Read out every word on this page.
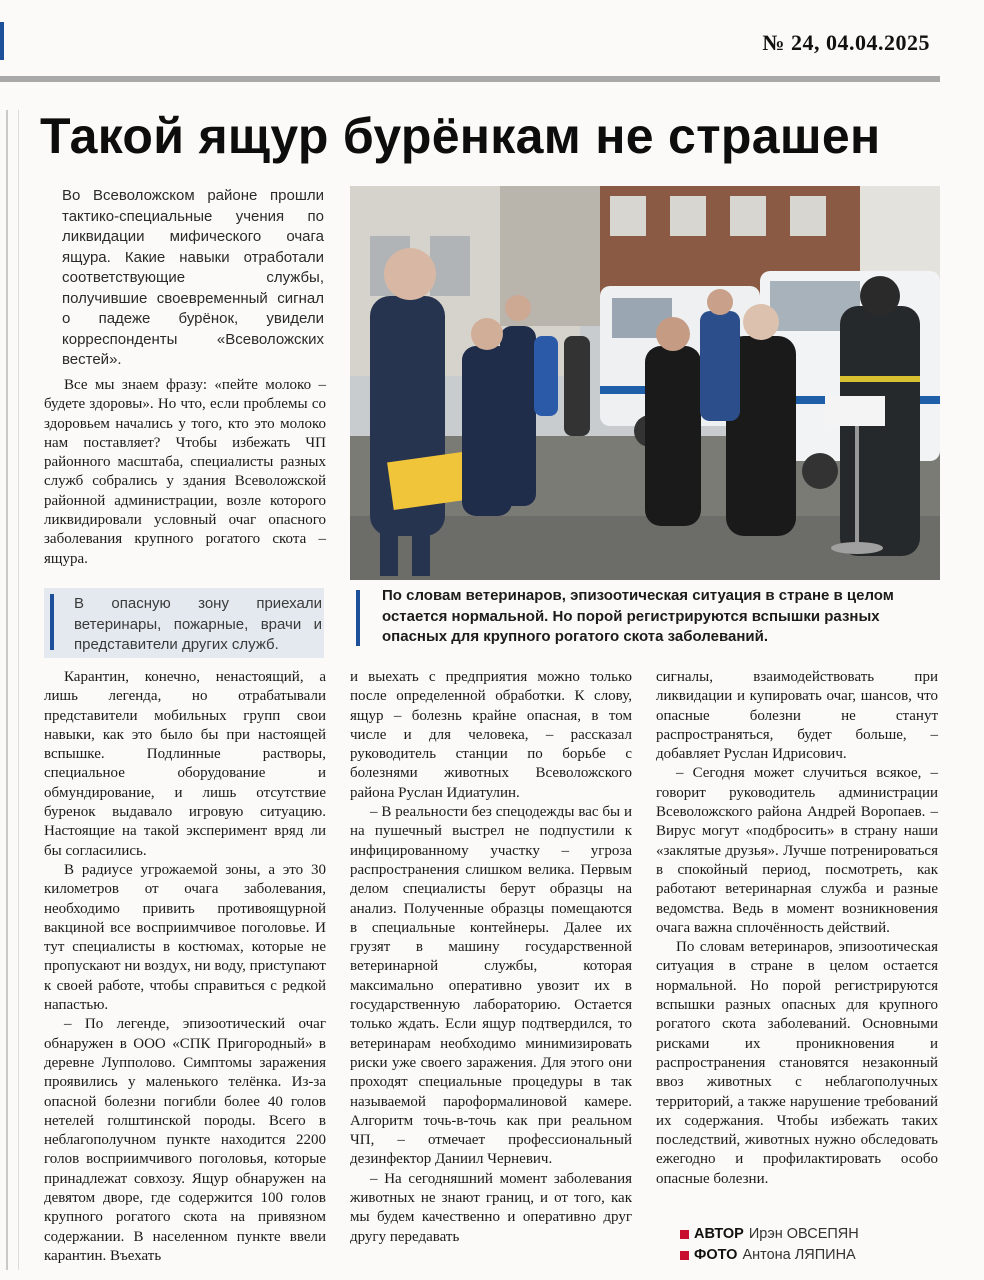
№ 24, 04.04.2025
Такой ящур бурёнкам не страшен

Во Всеволожском районе прошли тактико-специальные учения по ликвидации мифического очага ящура. Какие навыки отработали соответствующие службы, получившие своевременный сигнал о падеже бурёнок, увидели корреспонденты «Всеволожских вестей».

Все мы знаем фразу: «пейте молоко – будете здоровы». Но что, если проблемы со здоровьем начались у того, кто это молоко нам поставляет? Чтобы избежать ЧП районного масштаба, специалисты разных служб собрались у здания Всеволожской районной администрации, возле которого ликвидировали условный очаг опасного заболевания крупного рогатого скота – ящура.

В опасную зону приехали ветеринары, пожарные, врачи и представители других служб.
По словам ветеринаров, эпизоотическая ситуация в стране в целом остается нормальной. Но порой регистрируются вспышки разных опасных для крупного рогатого скота заболеваний.

Карантин, конечно, ненастоящий, а лишь легенда, но отрабатывали представители мобильных групп свои навыки, как это было бы при настоящей вспышке. Подлинные растворы, специальное оборудование и обмундирование, и лишь отсутствие буренок выдавало игровую ситуацию. Настоящие на такой эксперимент вряд ли бы согласились.

В радиусе угрожаемой зоны, а это 30 километров от очага заболевания, необходимо привить противоящурной вакциной все восприимчивое поголовье. И тут специалисты в костюмах, которые не пропускают ни воздух, ни воду, приступают к своей работе, чтобы справиться с редкой напастью.

– По легенде, эпизоотический очаг обнаружен в ООО «СПК Пригородный» в деревне Лупполово. Симптомы заражения проявились у маленького телёнка. Из-за опасной болезни погибли более 40 голов нетелей голштинской породы. Всего в неблагополучном пункте находится 2200 голов восприимчивого поголовья, которые принадлежат совхозу. Ящур обнаружен на девятом дворе, где содержится 100 голов крупного рогатого скота на привязном содержании. В населенном пункте ввели карантин. Въехать

и выехать с предприятия можно только после определенной обработки. К слову, ящур – болезнь крайне опасная, в том числе и для человека, – рассказал руководитель станции по борьбе с болезнями животных Всеволожского района Руслан Идиатулин.

– В реальности без спецодежды вас бы и на пушечный выстрел не подпустили к инфицированному участку – угроза распространения слишком велика. Первым делом специалисты берут образцы на анализ. Полученные образцы помещаются в специальные контейнеры. Далее их грузят в машину государственной ветеринарной службы, которая максимально оперативно увозит их в государственную лабораторию. Остается только ждать. Если ящур подтвердился, то ветеринарам необходимо минимизировать риски уже своего заражения. Для этого они проходят специальные процедуры в так называемой пароформалиновой камере. Алгоритм точь-в-точь как при реальном ЧП, – отмечает профессиональный дезинфектор Даниил Черневич.

– На сегодняшний момент заболевания животных не знают границ, и от того, как мы будем качественно и оперативно друг другу передавать

сигналы, взаимодействовать при ликвидации и купировать очаг, шансов, что опасные болезни не станут распространяться, будет больше, – добавляет Руслан Идрисович.

– Сегодня может случиться всякое, – говорит руководитель администрации Всеволожского района Андрей Воропаев. – Вирус могут «подбросить» в страну наши «заклятые друзья». Лучше потренироваться в спокойный период, посмотреть, как работают ветеринарная служба и разные ведомства. Ведь в момент возникновения очага важна сплочённость действий.

По словам ветеринаров, эпизоотическая ситуация в стране в целом остается нормальной. Но порой регистрируются вспышки разных опасных для крупного рогатого скота заболеваний. Основными рисками их проникновения и распространения становятся незаконный ввоз животных с неблагополучных территорий, а также нарушение требований их содержания. Чтобы избежать таких последствий, животных нужно обследовать ежегодно и профилактировать особо опасные болезни.

АВТОР Ирэн ОВСЕПЯН
ФОТО Антона ЛЯПИНА
